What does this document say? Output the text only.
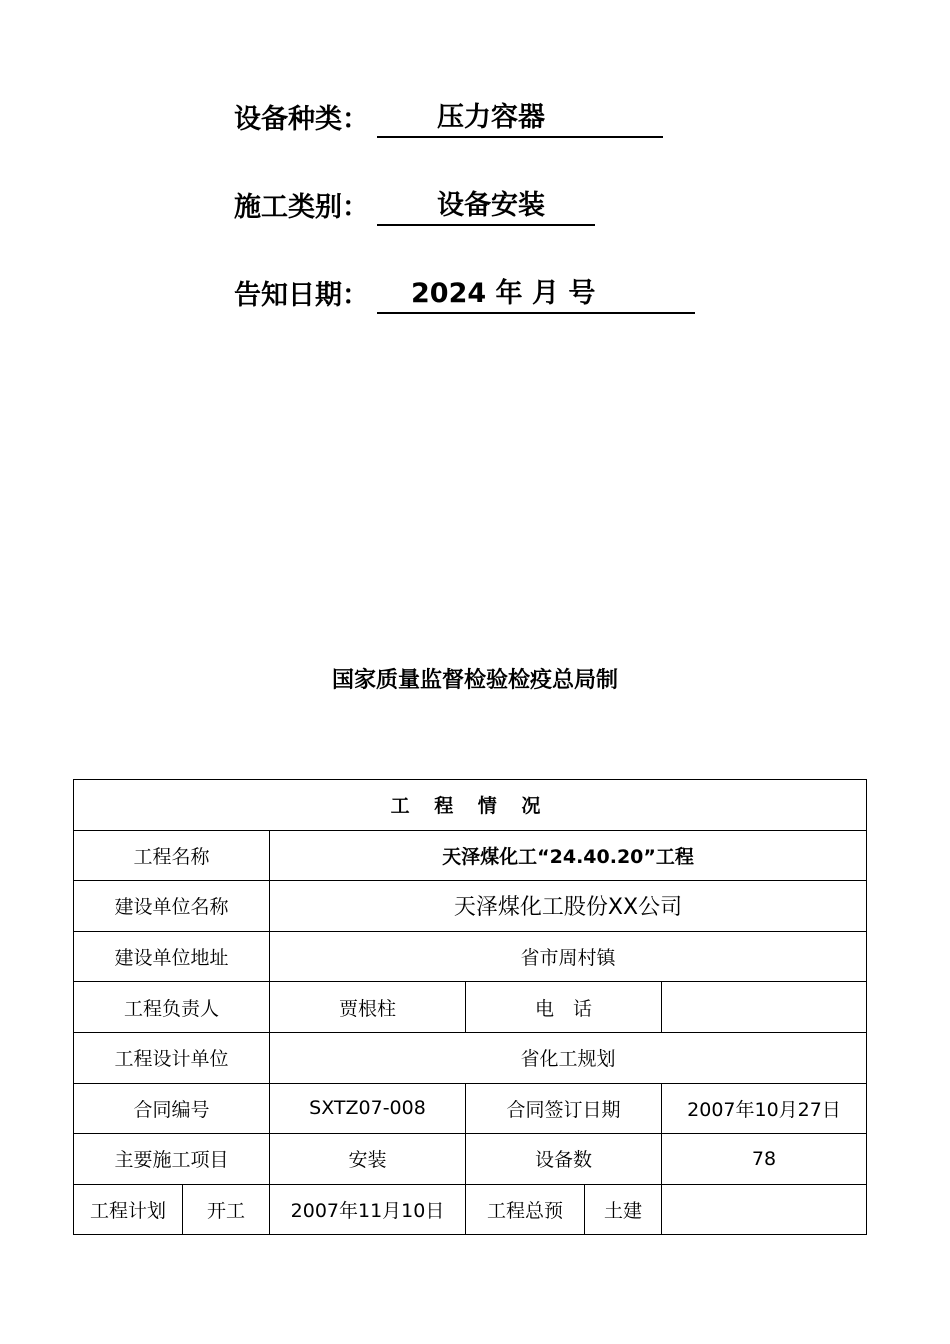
设备种类：	压力容器
施工类别：	设备安装
告知日期：	2024 年 月 号
国家质量监督检验检疫总局制
工 程 情 况					
工程名称		天泽煤化工“24.40.20”工程			
建设单位名称		天泽煤化工股份XX公司			
建设单位地址		省市周村镇			
工程负责人		贾根柱	电　话		
工程设计单位		省化工规划			
合同编号		SXTZ07-008	合同签订日期		2007年10月27日
主要施工项目		安装	设备数		78
工程计划	开工	2007年11月10日	工程总预	土建	
